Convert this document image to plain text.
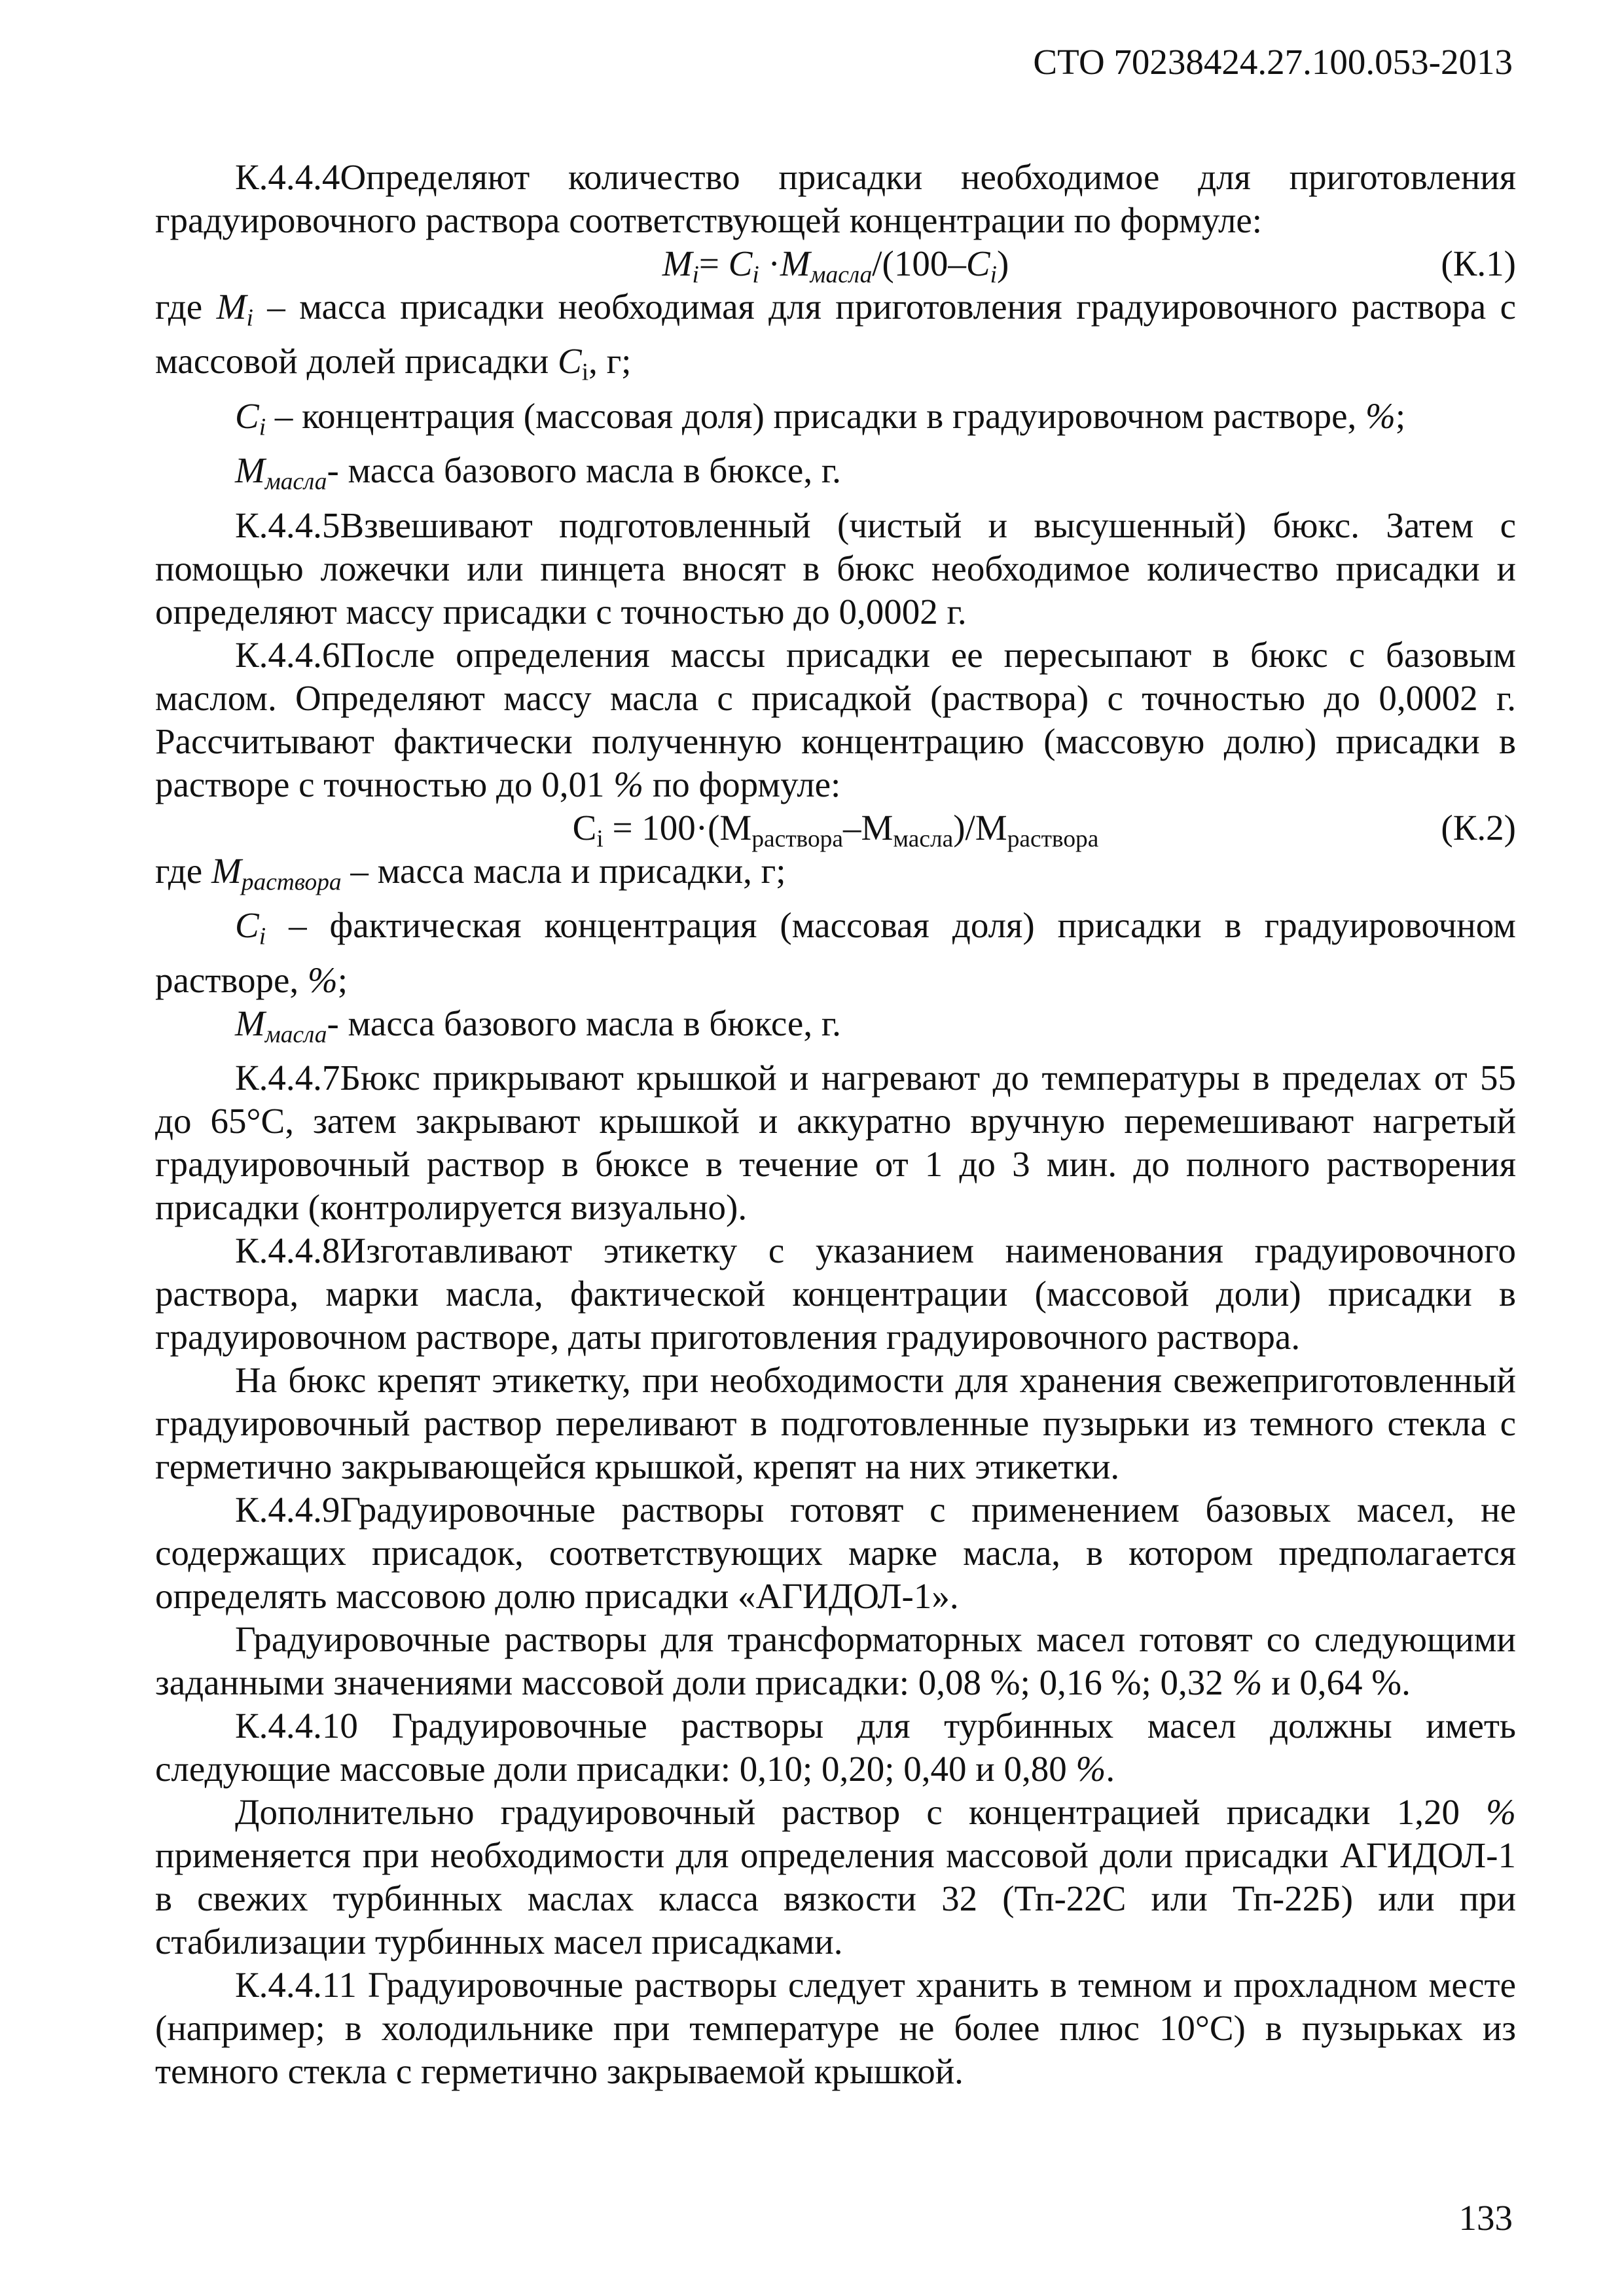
СТО 70238424.27.100.053-2013

К.4.4.4Определяют количество присадки необходимое для приготовления градуировочного раствора соответствующей концентрации по формуле:

$M_i= C_i \cdot M_{масла}/(100-C_i)$	(К.1)

где $M_i$ – масса присадки необходимая для приготовления градуировочного раствора с массовой долей присадки $C_i$, г;

$C_i$ – концентрация (массовая доля) присадки в градуировочном растворе, %;

$M_{масла}-$ масса базового масла в бюксе, г.

К.4.4.5Взвешивают подготовленный (чистый и высушенный) бюкс. Затем с помощью ложечки или пинцета вносят в бюкс необходимое количество присадки и определяют массу присадки с точностью до 0,0002 г.

К.4.4.6После определения массы присадки ее пересыпают в бюкс с базовым маслом. Определяют массу масла с присадкой (раствора) с точностью до 0,0002 г. Рассчитывают фактически полученную концентрацию (массовую долю) присадки в растворе с точностью до 0,01 % по формуле:

$C_i = 100\cdot(М_{раствора}-М_{масла})/М_{раствора}$	(К.2)

где $M_{раствора}$ – масса масла и присадки, г;

$C_i$ – фактическая концентрация (массовая доля) присадки в градуировочном растворе, %;

$M_{масла}-$ масса базового масла в бюксе, г.

К.4.4.7Бюкс прикрывают крышкой и нагревают до температуры в пределах от 55 до 65°С, затем закрывают крышкой и аккуратно вручную перемешивают нагретый градуировочный раствор в бюксе в течение от 1 до 3 мин. до полного растворения присадки (контролируется визуально).

К.4.4.8Изготавливают этикетку с указанием наименования градуировочного раствора, марки масла, фактической концентрации (массовой доли) присадки в градуировочном растворе, даты приготовления градуировочного раствора.

На бюкс крепят этикетку, при необходимости для хранения свежеприготовленный градуировочный раствор переливают в подготовленные пузырьки из темного стекла с герметично закрывающейся крышкой, крепят на них этикетки.

К.4.4.9Градуировочные растворы готовят с применением базовых масел, не содержащих присадок, соответствующих марке масла, в котором предполагается определять массовою долю присадки «АГИДОЛ-1».

Градуировочные растворы для трансформаторных масел готовят со следующими заданными значениями массовой доли присадки: 0,08 %; 0,16 %; 0,32 % и 0,64 %.

К.4.4.10 Градуировочные растворы для турбинных масел должны иметь следующие массовые доли присадки: 0,10; 0,20; 0,40 и 0,80 %.

Дополнительно градуировочный раствор с концентрацией присадки 1,20 % применяется при необходимости для определения массовой доли присадки АГИДОЛ-1 в свежих турбинных маслах класса вязкости 32 (Тп-22С или Тп-22Б) или при стабилизации турбинных масел присадками.

К.4.4.11 Градуировочные растворы следует хранить в темном и прохладном месте (например; в холодильнике при температуре не более плюс 10°С) в пузырьках из темного стекла с герметично закрываемой крышкой.

133
